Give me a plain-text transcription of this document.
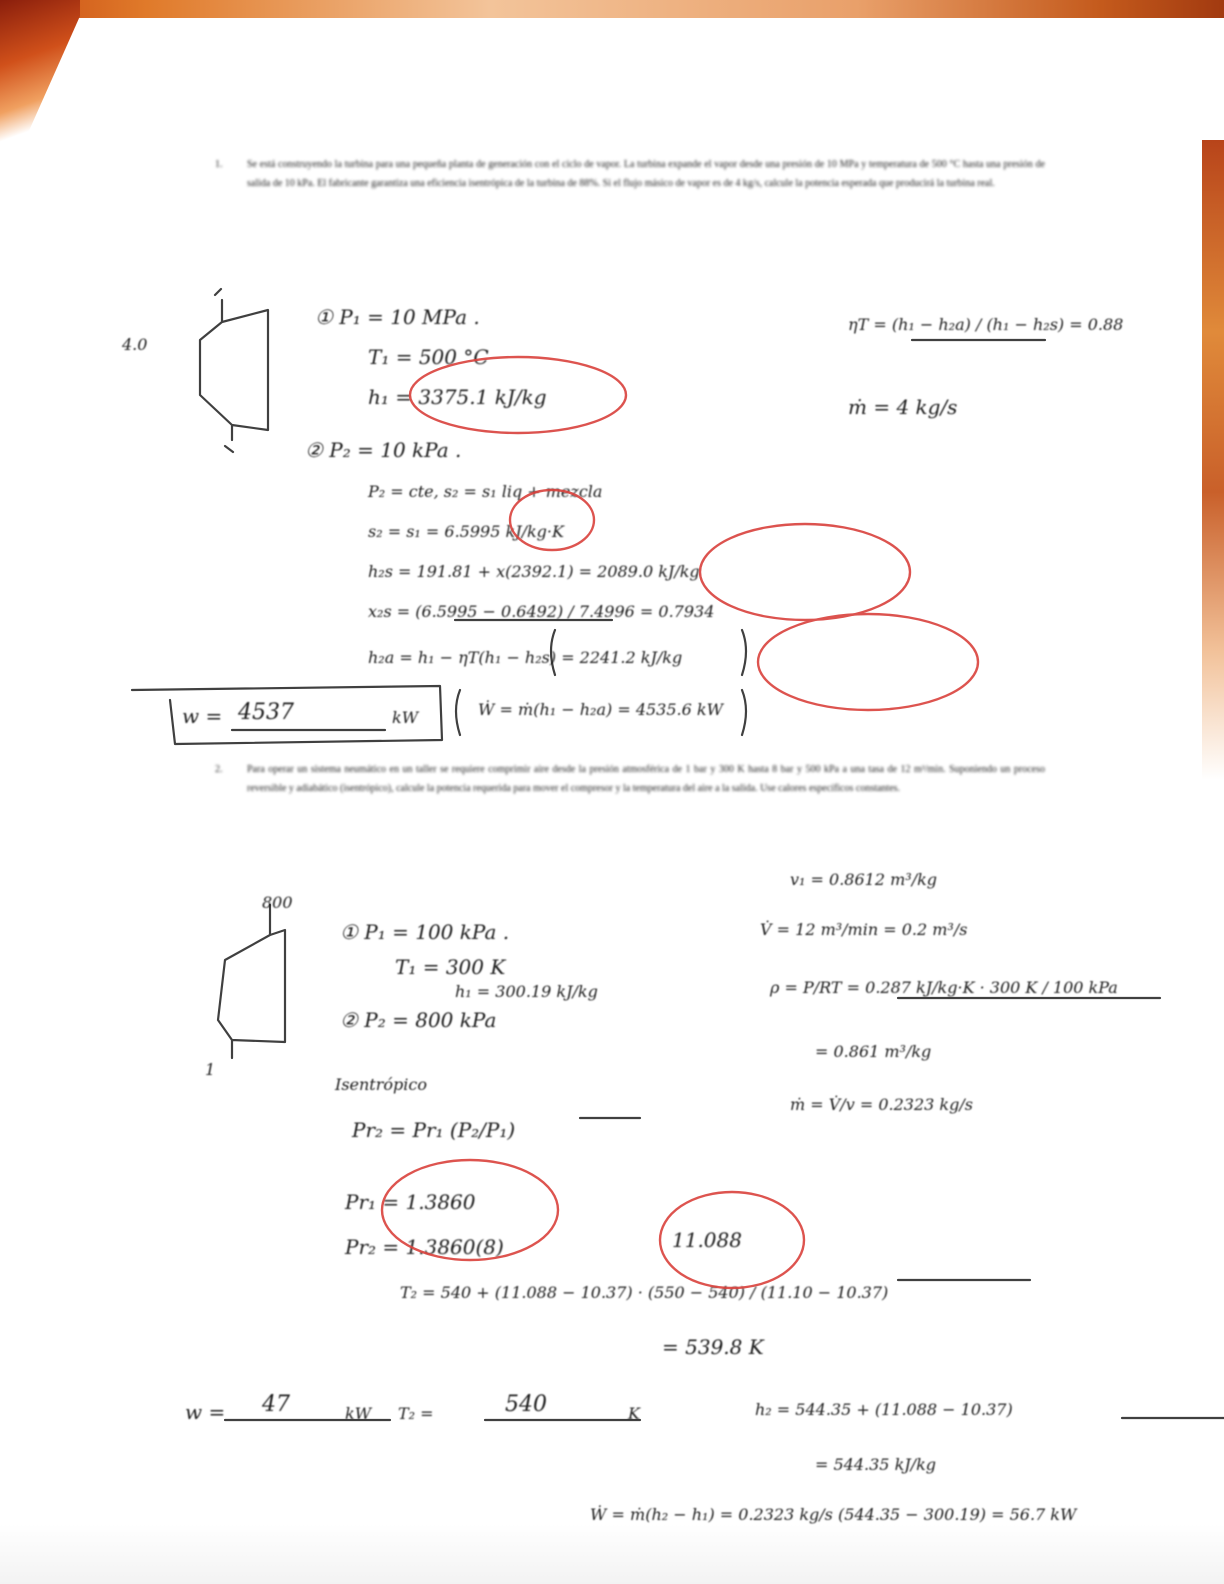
1. Se está construyendo la turbina para una pequeña planta de generación con el ciclo de vapor. La turbina expande el vapor desde una presión de 10 MPa y temperatura de 500 °C hasta una presión de salida de 10 kPa. El fabricante garantiza una eficiencia isentrópica de la turbina de 88%. Si el flujo másico de vapor es de 4 kg/s, calcule la potencia esperada que producirá la turbina real.

4.0

① P₁ = 10 MPa .

T₁ = 500 °C

h₁ = 3375.1 kJ/kg

② P₂ = 10 kPa .

P₂ = cte, s₂ = s₁ liq + mezcla

s₂ = s₁ = 6.5995 kJ/kg·K

h₂s = 191.81 + x(2392.1) = 2089.0 kJ/kg

x₂s = (6.5995 − 0.6492) / 7.4996 = 0.7934

h₂a = h₁ − ηT(h₁ − h₂s) = 2241.2 kJ/kg

ηT = (h₁ − h₂a) / (h₁ − h₂s) = 0.88

ṁ = 4 kg/s

w = 4537	kW	Ẇ = ṁ(h₁ − h₂a) = 4535.6 kW

2. Para operar un sistema neumático en un taller se requiere comprimir aire desde la presión atmosférica de 1 bar y 300 K hasta 8 bar y 500 kPa a una tasa de 12 m³/min. Suponiendo un proceso reversible y adiabático (isentrópico), calcule la potencia requerida para mover el compresor y la temperatura del aire a la salida. Use calores específicos constantes.

800

1

① P₁ = 100 kPa .

T₁ = 300 K

h₁ = 300.19 kJ/kg

② P₂ = 800 kPa

Isentrópico

Pr₂ = Pr₁ (P₂/P₁)

Pr₁ = 1.3860

Pr₂ = 1.3860(8)	11.088

T₂ = 540 + (11.088 − 10.37) · (550 − 540) / (11.10 − 10.37)

= 539.8 K

v₁ = 0.8612 m³/kg

V̇ = 12 m³/min = 0.2 m³/s

ρ = P/RT = 0.287 kJ/kg·K · 300 K / 100 kPa

= 0.861 m³/kg

ṁ = V̇/v = 0.2323 kg/s

w = 47	kW T₂ =	540	K	h₂ = 544.35 + (11.088 − 10.37)

= 544.35 kJ/kg

Ẇ = ṁ(h₂ − h₁) = 0.2323 kg/s (544.35 − 300.19) = 56.7 kW
